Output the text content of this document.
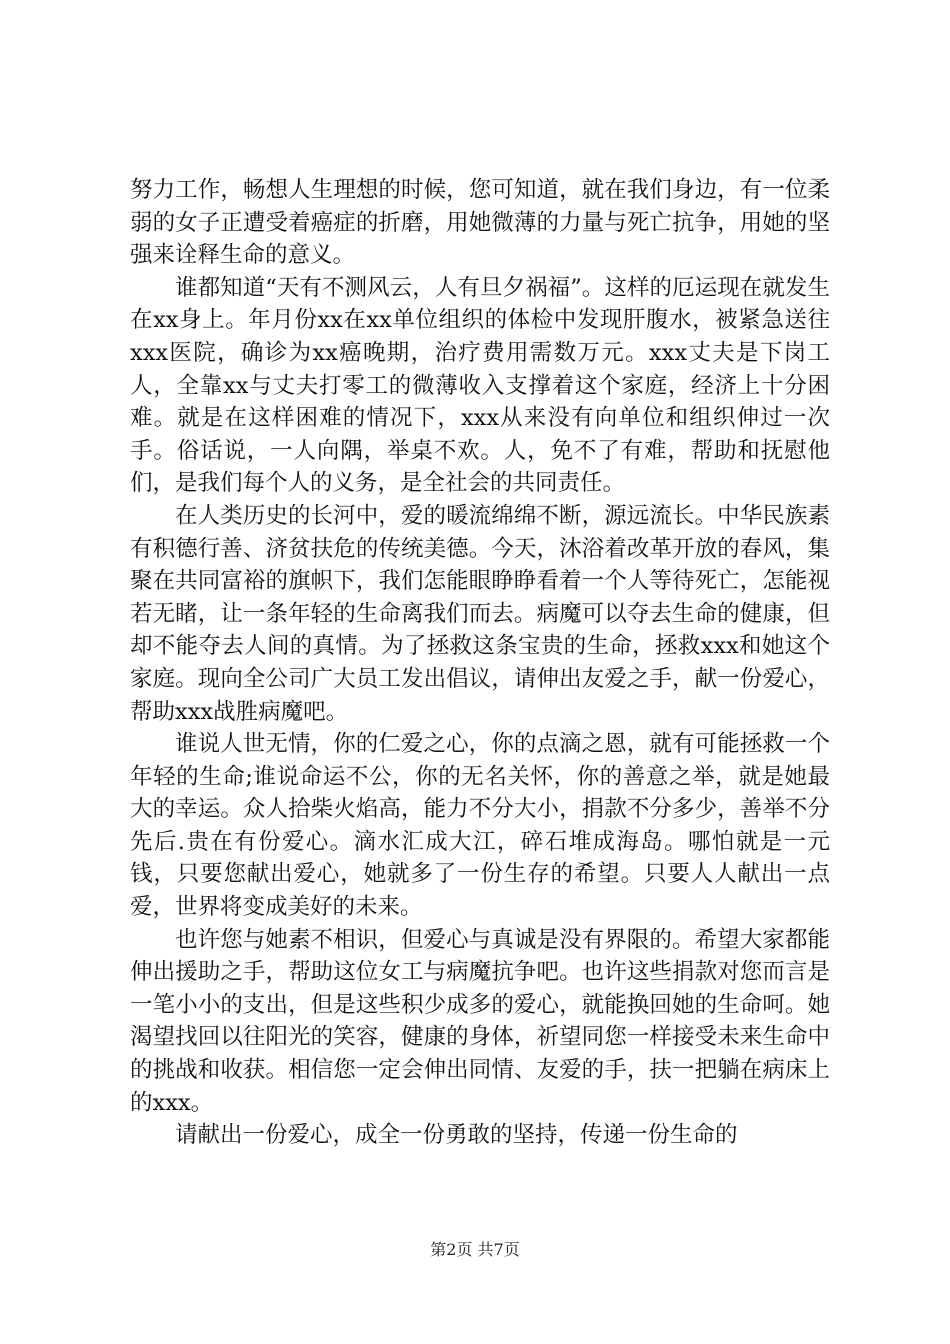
努力工作，畅想人生理想的时候，您可知道，就在我们身边，有一位柔弱的女子正遭受着癌症的折磨，用她微薄的力量与死亡抗争，用她的坚强来诠释生命的意义。

谁都知道“天有不测风云，人有旦夕祸福”。这样的厄运现在就发生在xx身上。年月份xx在xx单位组织的体检中发现肝腹水，被紧急送往xxx医院，确诊为xx癌晚期，治疗费用需数万元。xxx丈夫是下岗工人，全靠xx与丈夫打零工的微薄收入支撑着这个家庭，经济上十分困难。就是在这样困难的情况下，xxx从来没有向单位和组织伸过一次手。俗话说，一人向隅，举桌不欢。人，免不了有难，帮助和抚慰他们，是我们每个人的义务，是全社会的共同责任。

在人类历史的长河中，爱的暖流绵绵不断，源远流长。中华民族素有积德行善、济贫扶危的传统美德。今天，沐浴着改革开放的春风，集聚在共同富裕的旗帜下，我们怎能眼睁睁看着一个人等待死亡，怎能视若无睹，让一条年轻的生命离我们而去。病魔可以夺去生命的健康，但却不能夺去人间的真情。为了拯救这条宝贵的生命，拯救xxx和她这个家庭。现向全公司广大员工发出倡议，请伸出友爱之手，献一份爱心，帮助xxx战胜病魔吧。

谁说人世无情，你的仁爱之心，你的点滴之恩，就有可能拯救一个年轻的生命;谁说命运不公，你的无名关怀，你的善意之举，就是她最大的幸运。众人拾柴火焰高，能力不分大小，捐款不分多少，善举不分先后.贵在有份爱心。滴水汇成大江，碎石堆成海岛。哪怕就是一元钱，只要您献出爱心，她就多了一份生存的希望。只要人人献出一点爱，世界将变成美好的未来。

也许您与她素不相识，但爱心与真诚是没有界限的。希望大家都能伸出援助之手，帮助这位女工与病魔抗争吧。也许这些捐款对您而言是一笔小小的支出，但是这些积少成多的爱心，就能换回她的生命呵。她渴望找回以往阳光的笑容，健康的身体，祈望同您一样接受未来生命中的挑战和收获。相信您一定会伸出同情、友爱的手，扶一把躺在病床上的xxx。

请献出一份爱心，成全一份勇敢的坚持，传递一份生命的

第2页 共7页
